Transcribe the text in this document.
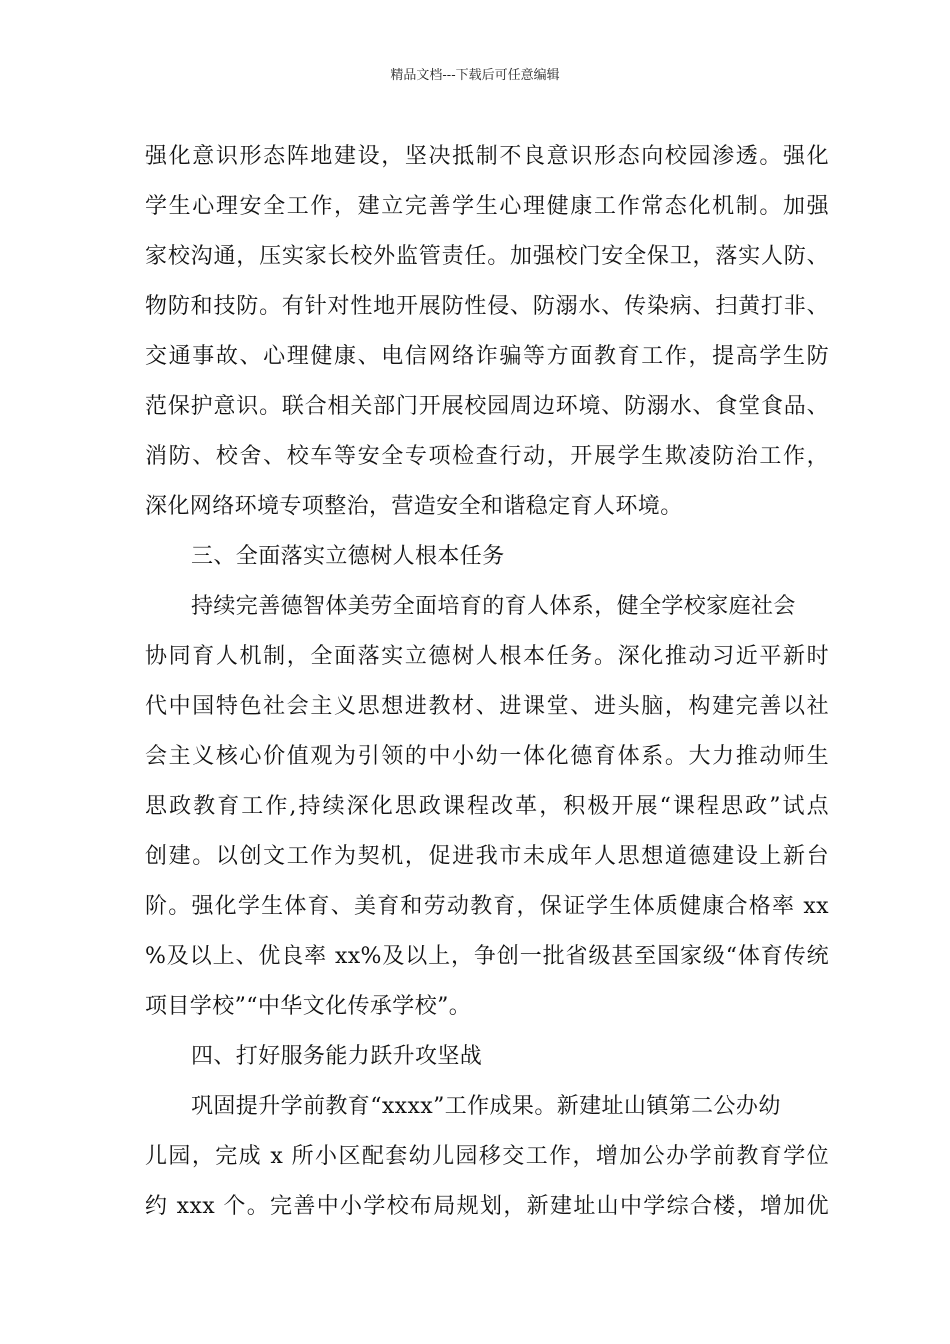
精品文档---下载后可任意编辑
强化意识形态阵地建设，坚决抵制不良意识形态向校园渗透。强化
学生心理安全工作，建立完善学生心理健康工作常态化机制。加强
家校沟通，压实家长校外监管责任。加强校门安全保卫，落实人防、
物防和技防。有针对性地开展防性侵、防溺水、传染病、扫黄打非、
交通事故、心理健康、电信网络诈骗等方面教育工作，提高学生防
范保护意识。联合相关部门开展校园周边环境、防溺水、食堂食品、
消防、校舍、校车等安全专项检查行动，开展学生欺凌防治工作，
深化网络环境专项整治，营造安全和谐稳定育人环境。
三、全面落实立德树人根本任务
持续完善德智体美劳全面培育的育人体系，健全学校家庭社会
协同育人机制，全面落实立德树人根本任务。深化推动习近平新时
代中国特色社会主义思想进教材、进课堂、进头脑，构建完善以社
会主义核心价值观为引领的中小幼一体化德育体系。大力推动师生
思政教育工作,持续深化思政课程改革，积极开展“课程思政”试点
创建。以创文工作为契机，促进我市未成年人思想道德建设上新台
阶。强化学生体育、美育和劳动教育，保证学生体质健康合格率 xx
%及以上、优良率 xx%及以上，争创一批省级甚至国家级“体育传统
项目学校”“中华文化传承学校”。
四、打好服务能力跃升攻坚战
巩固提升学前教育“xxxx”工作成果。新建址山镇第二公办幼
儿园，完成 x 所小区配套幼儿园移交工作，增加公办学前教育学位
约 xxx 个。完善中小学校布局规划，新建址山中学综合楼，增加优
